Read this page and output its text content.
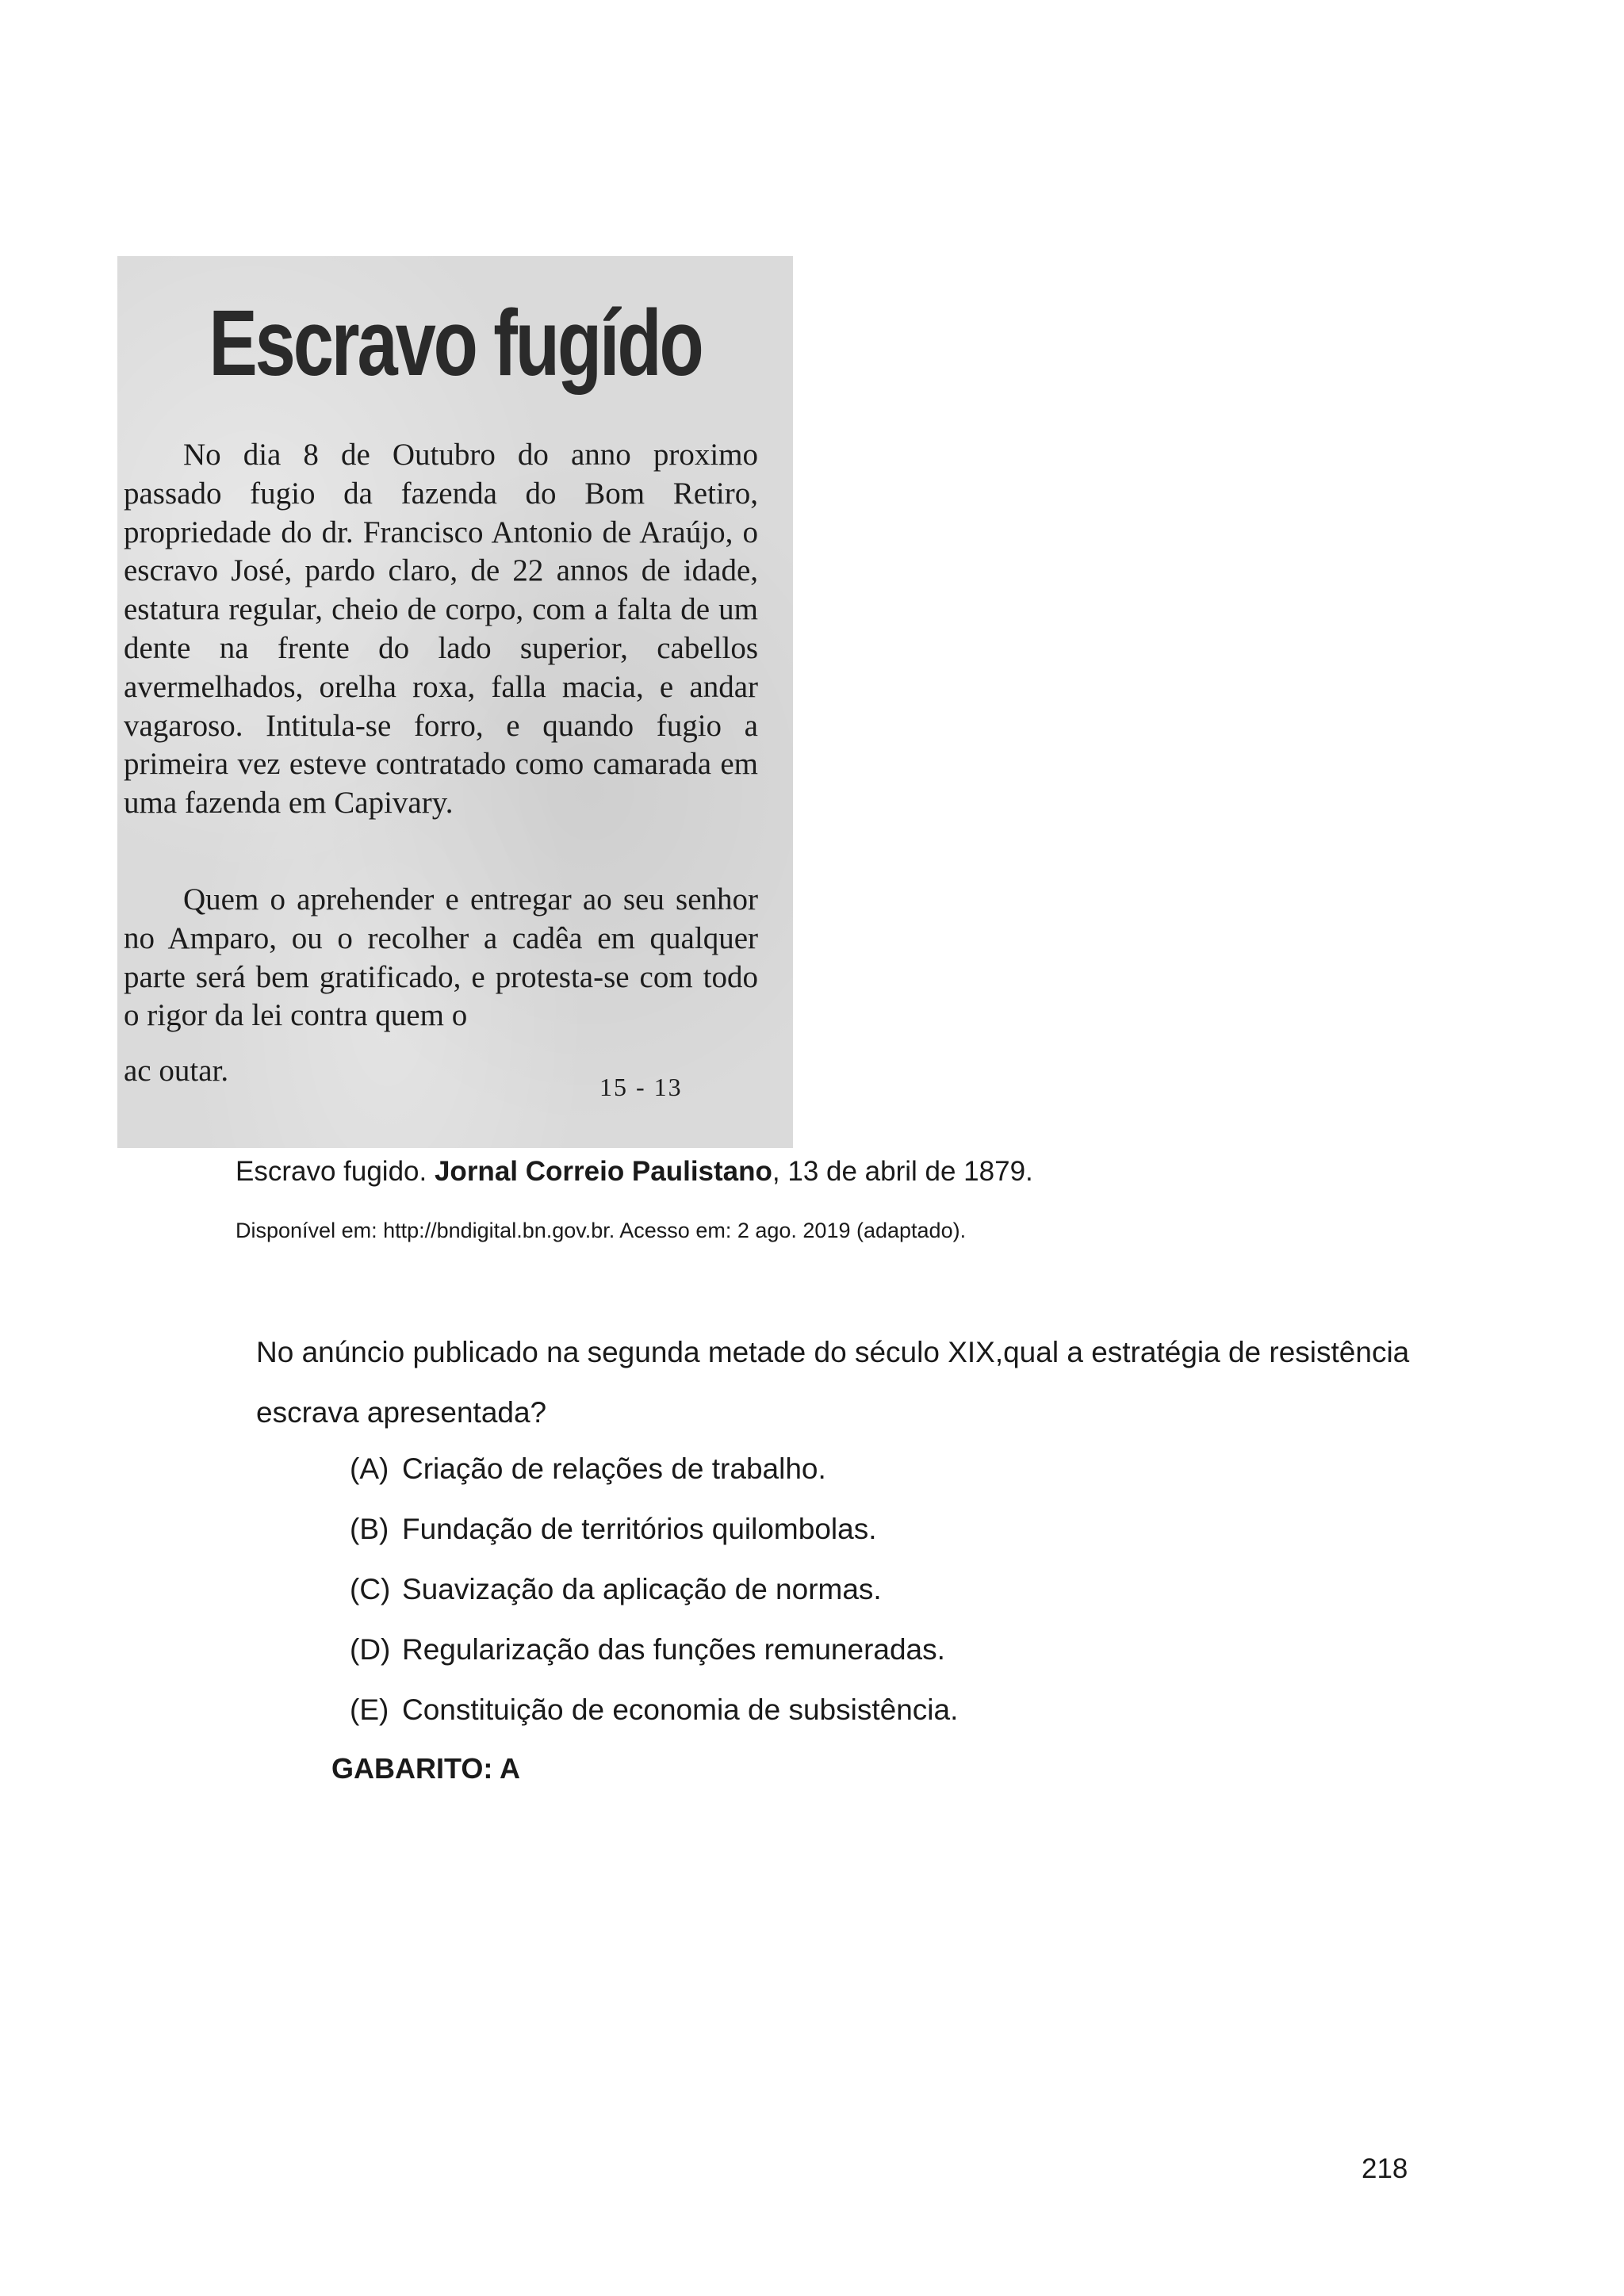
Escravo fugído

No dia 8 de Outubro do anno proximo passado fugio da fazenda do Bom Retiro, propriedade do dr. Francisco Antonio de Araújo, o escravo José, pardo claro, de 22 annos de idade, estatura regular, cheio de corpo, com a falta de um dente na frente do lado superior, cabellos avermelhados, orelha roxa, falla macia, e andar vagaroso. Intitula-se forro, e quando fugio a primeira vez esteve contratado como camarada em uma fazenda em Capivary.

Quem o aprehender e entregar ao seu senhor no Amparo, ou o recolher a cadêa em qualquer parte será bem gratificado, e protesta-se com todo o rigor da lei contra quem o

ac outar.	15 - 13
Escravo fugido. Jornal Correio Paulistano, 13 de abril de 1879.
Disponível em: http://bndigital.bn.gov.br. Acesso em: 2 ago. 2019 (adaptado).
No anúncio publicado na segunda metade do século XIX,qual a estratégia de resistência escrava apresentada?
(A) Criação de relações de trabalho.
(B) Fundação de territórios quilombolas.
(C) Suavização da aplicação de normas.
(D) Regularização das funções remuneradas.
(E) Constituição de economia de subsistência.
GABARITO: A
218
